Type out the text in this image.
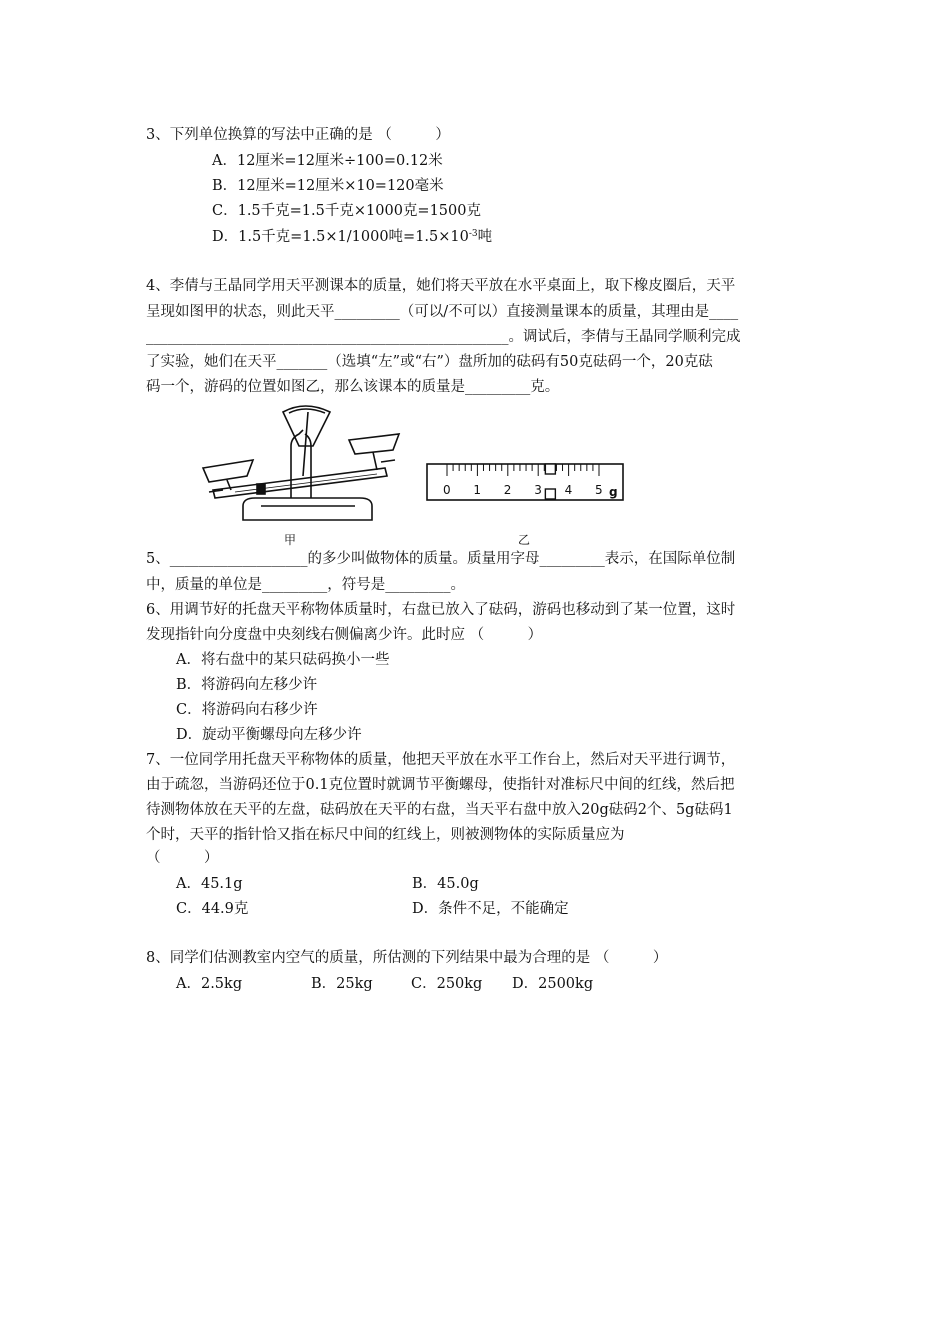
3、下列单位换算的写法中正确的是 （　　　）
A．12厘米=12厘米÷100=0.12米
B．12厘米=12厘米×10=120毫米
C．1.5千克=1.5千克×1000克=1500克
D．1.5千克=1.5×1/1000吨$=1.5\times 10^{-3}$吨
4、李倩与王晶同学用天平测课本的质量，她们将天平放在水平桌面上，取下橡皮圈后，天平
呈现如图甲的状态，则此天平_________（可以/不可以）直接测量课本的质量，其理由是____
__________________________________________________。调试后，李倩与王晶同学顺利完成
了实验，她们在天平_______（选填“左”或“右”）盘所加的砝码有50克砝码一个，20克砝
码一个，游码的位置如图乙，那么该课本的质量是_________克。
0 1 2 3 4 5 g
甲	乙
5、___________________的多少叫做物体的质量。质量用字母_________表示，在国际单位制
中，质量的单位是_________，符号是_________。
6、用调节好的托盘天平称物体质量时，右盘已放入了砝码，游码也移动到了某一位置，这时
发现指针向分度盘中央刻线右侧偏离少许。此时应 （　　　）
A．将右盘中的某只砝码换小一些
B．将游码向左移少许
C．将游码向右移少许
D．旋动平衡螺母向左移少许
7、一位同学用托盘天平称物体的质量，他把天平放在水平工作台上，然后对天平进行调节，
由于疏忽，当游码还位于0.1克位置时就调节平衡螺母，使指针对准标尺中间的红线，然后把
待测物体放在天平的左盘，砝码放在天平的右盘，当天平右盘中放入20g砝码2个、5g砝码1
个时，天平的指针恰又指在标尺中间的红线上，则被测物体的实际质量应为
（　　　）
A．45.1g	B．45.0g
C．44.9克	D．条件不足，不能确定
8、同学们估测教室内空气的质量，所估测的下列结果中最为合理的是 （　　　）
A．2.5kg	B．25kg	C．250kg D．2500kg
